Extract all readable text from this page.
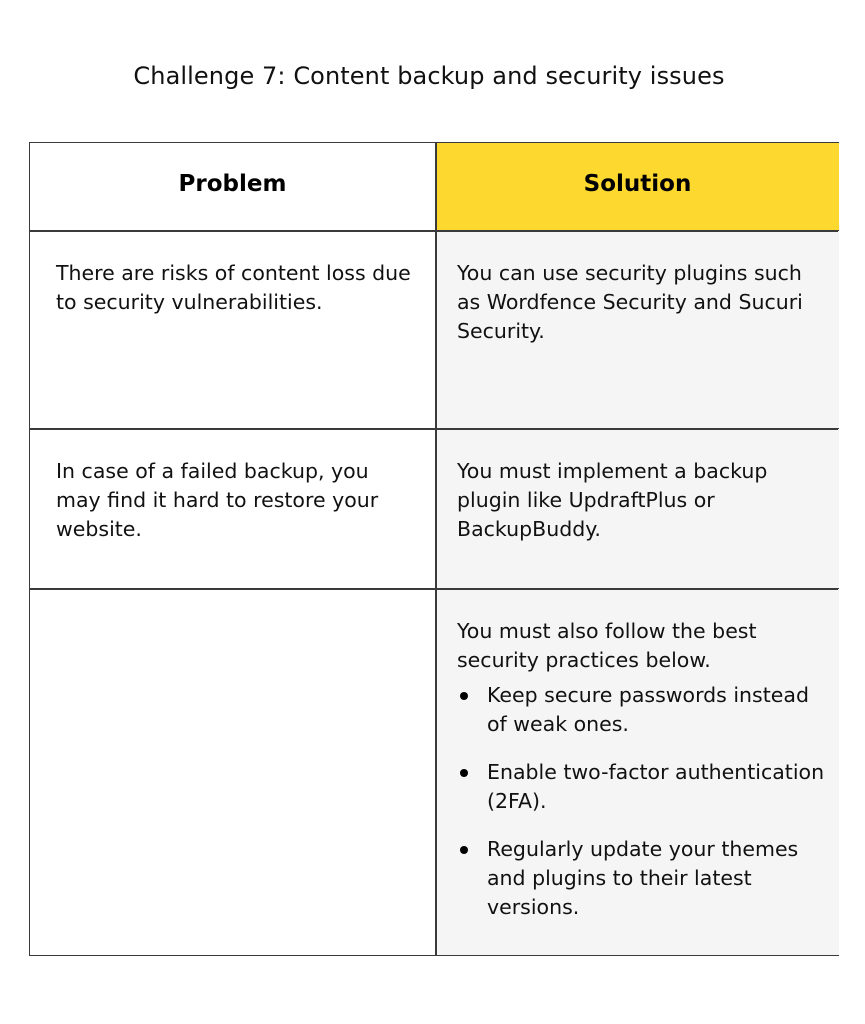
Challenge 7: Content backup and security issues
Problem	Solution
There are risks of content loss due to security vulnerabilities.
You can use security plugins such as Wordfence Security and Sucuri Security.
In case of a failed backup, you may find it hard to restore your website.
You must implement a backup plugin like UpdraftPlus or BackupBuddy.
You must also follow the best security practices below.
Keep secure passwords instead of weak ones.
Enable two-factor authentication (2FA).
Regularly update your themes and plugins to their latest versions.
